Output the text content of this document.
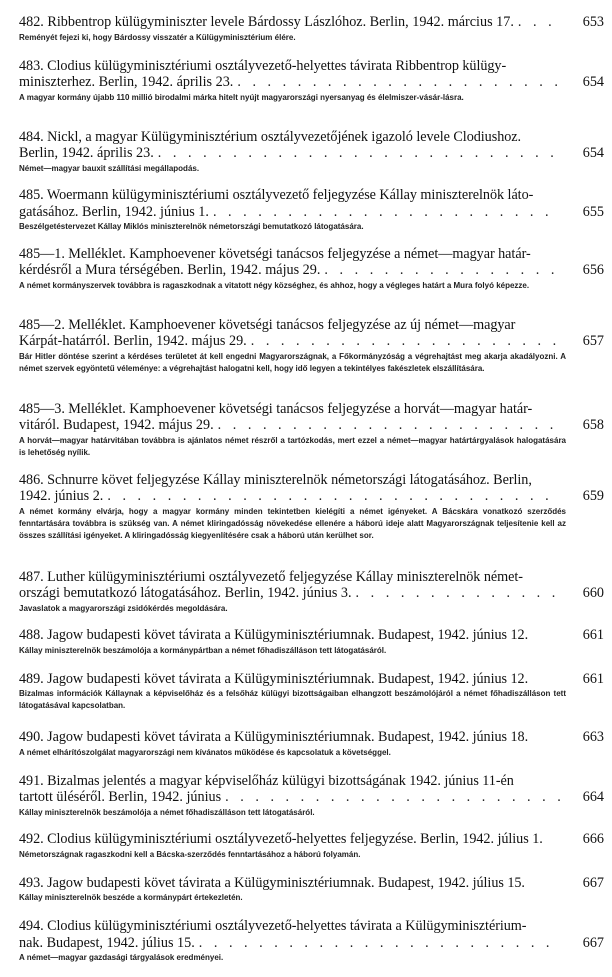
482. Ribbentrop külügyminiszter levele Bárdossy Lászlóhoz. Berlin, 1942. március 17. . . .	653

Reményét fejezi ki, hogy Bárdossy visszatér a Külügyminisztérium élére.

483. Clodius külügyminisztériumi osztályvezető-helyettes távirata Ribbentrop külügy-

miniszterhez. Berlin, 1942. április 23. . . .	654

A magyar kormány újabb 110 millió birodalmi márka hitelt nyújt magyarországi nyersanyag és élelmiszer-vásár-lásra.

484. Nickl, a magyar Külügyminisztérium osztályvezetőjének igazoló levele Clodiushoz.

Berlin, 1942. április 23. . . .	654

Német—magyar bauxit szállítási megállapodás.

485. Woermann külügyminisztériumi osztályvezető feljegyzése Kállay miniszterelnök láto-

gatásához. Berlin, 1942. június 1. . . .	655

Beszélgetéstervezet Kállay Miklós miniszterelnök németországi bemutatkozó látogatására.

485—1. Melléklet. Kamphoevener követségi tanácsos feljegyzése a német—magyar határ-

kérdésről a Mura térségében. Berlin, 1942. május 29. . . .	656

A német kormányszervek továbbra is ragaszkodnak a vitatott négy községhez, és ahhoz, hogy a végleges határt a Mura folyó képezze.

485—2. Melléklet. Kamphoevener követségi tanácsos feljegyzése az új német—magyar

Kárpát-határról. Berlin, 1942. május 29. . . .	657

Bár Hitler döntése szerint a kérdéses területet át kell engedni Magyarországnak, a Főkormányzóság a végrehajtást meg akarja akadályozni. A német szervek egyöntetű véleménye: a végrehajtást halogatni kell, hogy idő legyen a tekintélyes fakészletek elszállítására.

485—3. Melléklet. Kamphoevener követségi tanácsos feljegyzése a horvát—magyar határ-

vitáról. Budapest, 1942. május 29. . . .	658

A horvát—magyar határvitában továbbra is ajánlatos német részről a tartózkodás, mert ezzel a német—magyar határtárgyalások halogatására is lehetőség nyílik.

486. Schnurre követ feljegyzése Kállay miniszterelnök németországi látogatásához. Berlin,

1942. június 2. . . .	659

A német kormány elvárja, hogy a magyar kormány minden tekintetben kielégíti a német igényeket. A Bácskára vonatkozó szerződés fenntartására továbbra is szükség van. A német kliringadósság növekedése ellenére a háború ideje alatt Magyarországnak teljesítenie kell az összes szállítási igényeket. A kliringadósság kiegyenlítésére csak a háború után kerülhet sor.

487. Luther külügyminisztériumi osztályvezető feljegyzése Kállay miniszterelnök német-

országi bemutatkozó látogatásához. Berlin, 1942. június 3. . . .	660

Javaslatok a magyarországi zsidókérdés megoldására.

488. Jagow budapesti követ távirata a Külügyminisztériumnak. Budapest, 1942. június 12.	661

Kállay miniszterelnök beszámolója a kormánypártban a német főhadiszálláson tett látogatásáról.

489. Jagow budapesti követ távirata a Külügyminisztériumnak. Budapest, 1942. június 12.	661

Bizalmas információk Kállaynak a képviselőház és a felsőház külügyi bizottságaiban elhangzott beszámolójáról a német főhadiszálláson tett látogatásával kapcsolatban.

490. Jagow budapesti követ távirata a Külügyminisztériumnak. Budapest, 1942. június 18.	663

A német elhárítószolgálat magyarországi nem kívánatos működése és kapcsolatuk a követséggel.

491. Bizalmas jelentés a magyar képviselőház külügyi bizottságának 1942. június 11-én

tartott üléséről. Berlin, 1942. június . . .	664

Kállay miniszterelnök beszámolója a német főhadiszálláson tett látogatásáról.

492. Clodius külügyminisztériumi osztályvezető-helyettes feljegyzése. Berlin, 1942. július 1.	666

Németországnak ragaszkodni kell a Bácska-szerződés fenntartásához a háború folyamán.

493. Jagow budapesti követ távirata a Külügyminisztériumnak. Budapest, 1942. július 15.	667

Kállay miniszterelnök beszéde a kormánypárt értekezletén.

494. Clodius külügyminisztériumi osztályvezető-helyettes távirata a Külügyminisztérium-

nak. Budapest, 1942. július 15. . . .	667

A német—magyar gazdasági tárgyalások eredményei.
